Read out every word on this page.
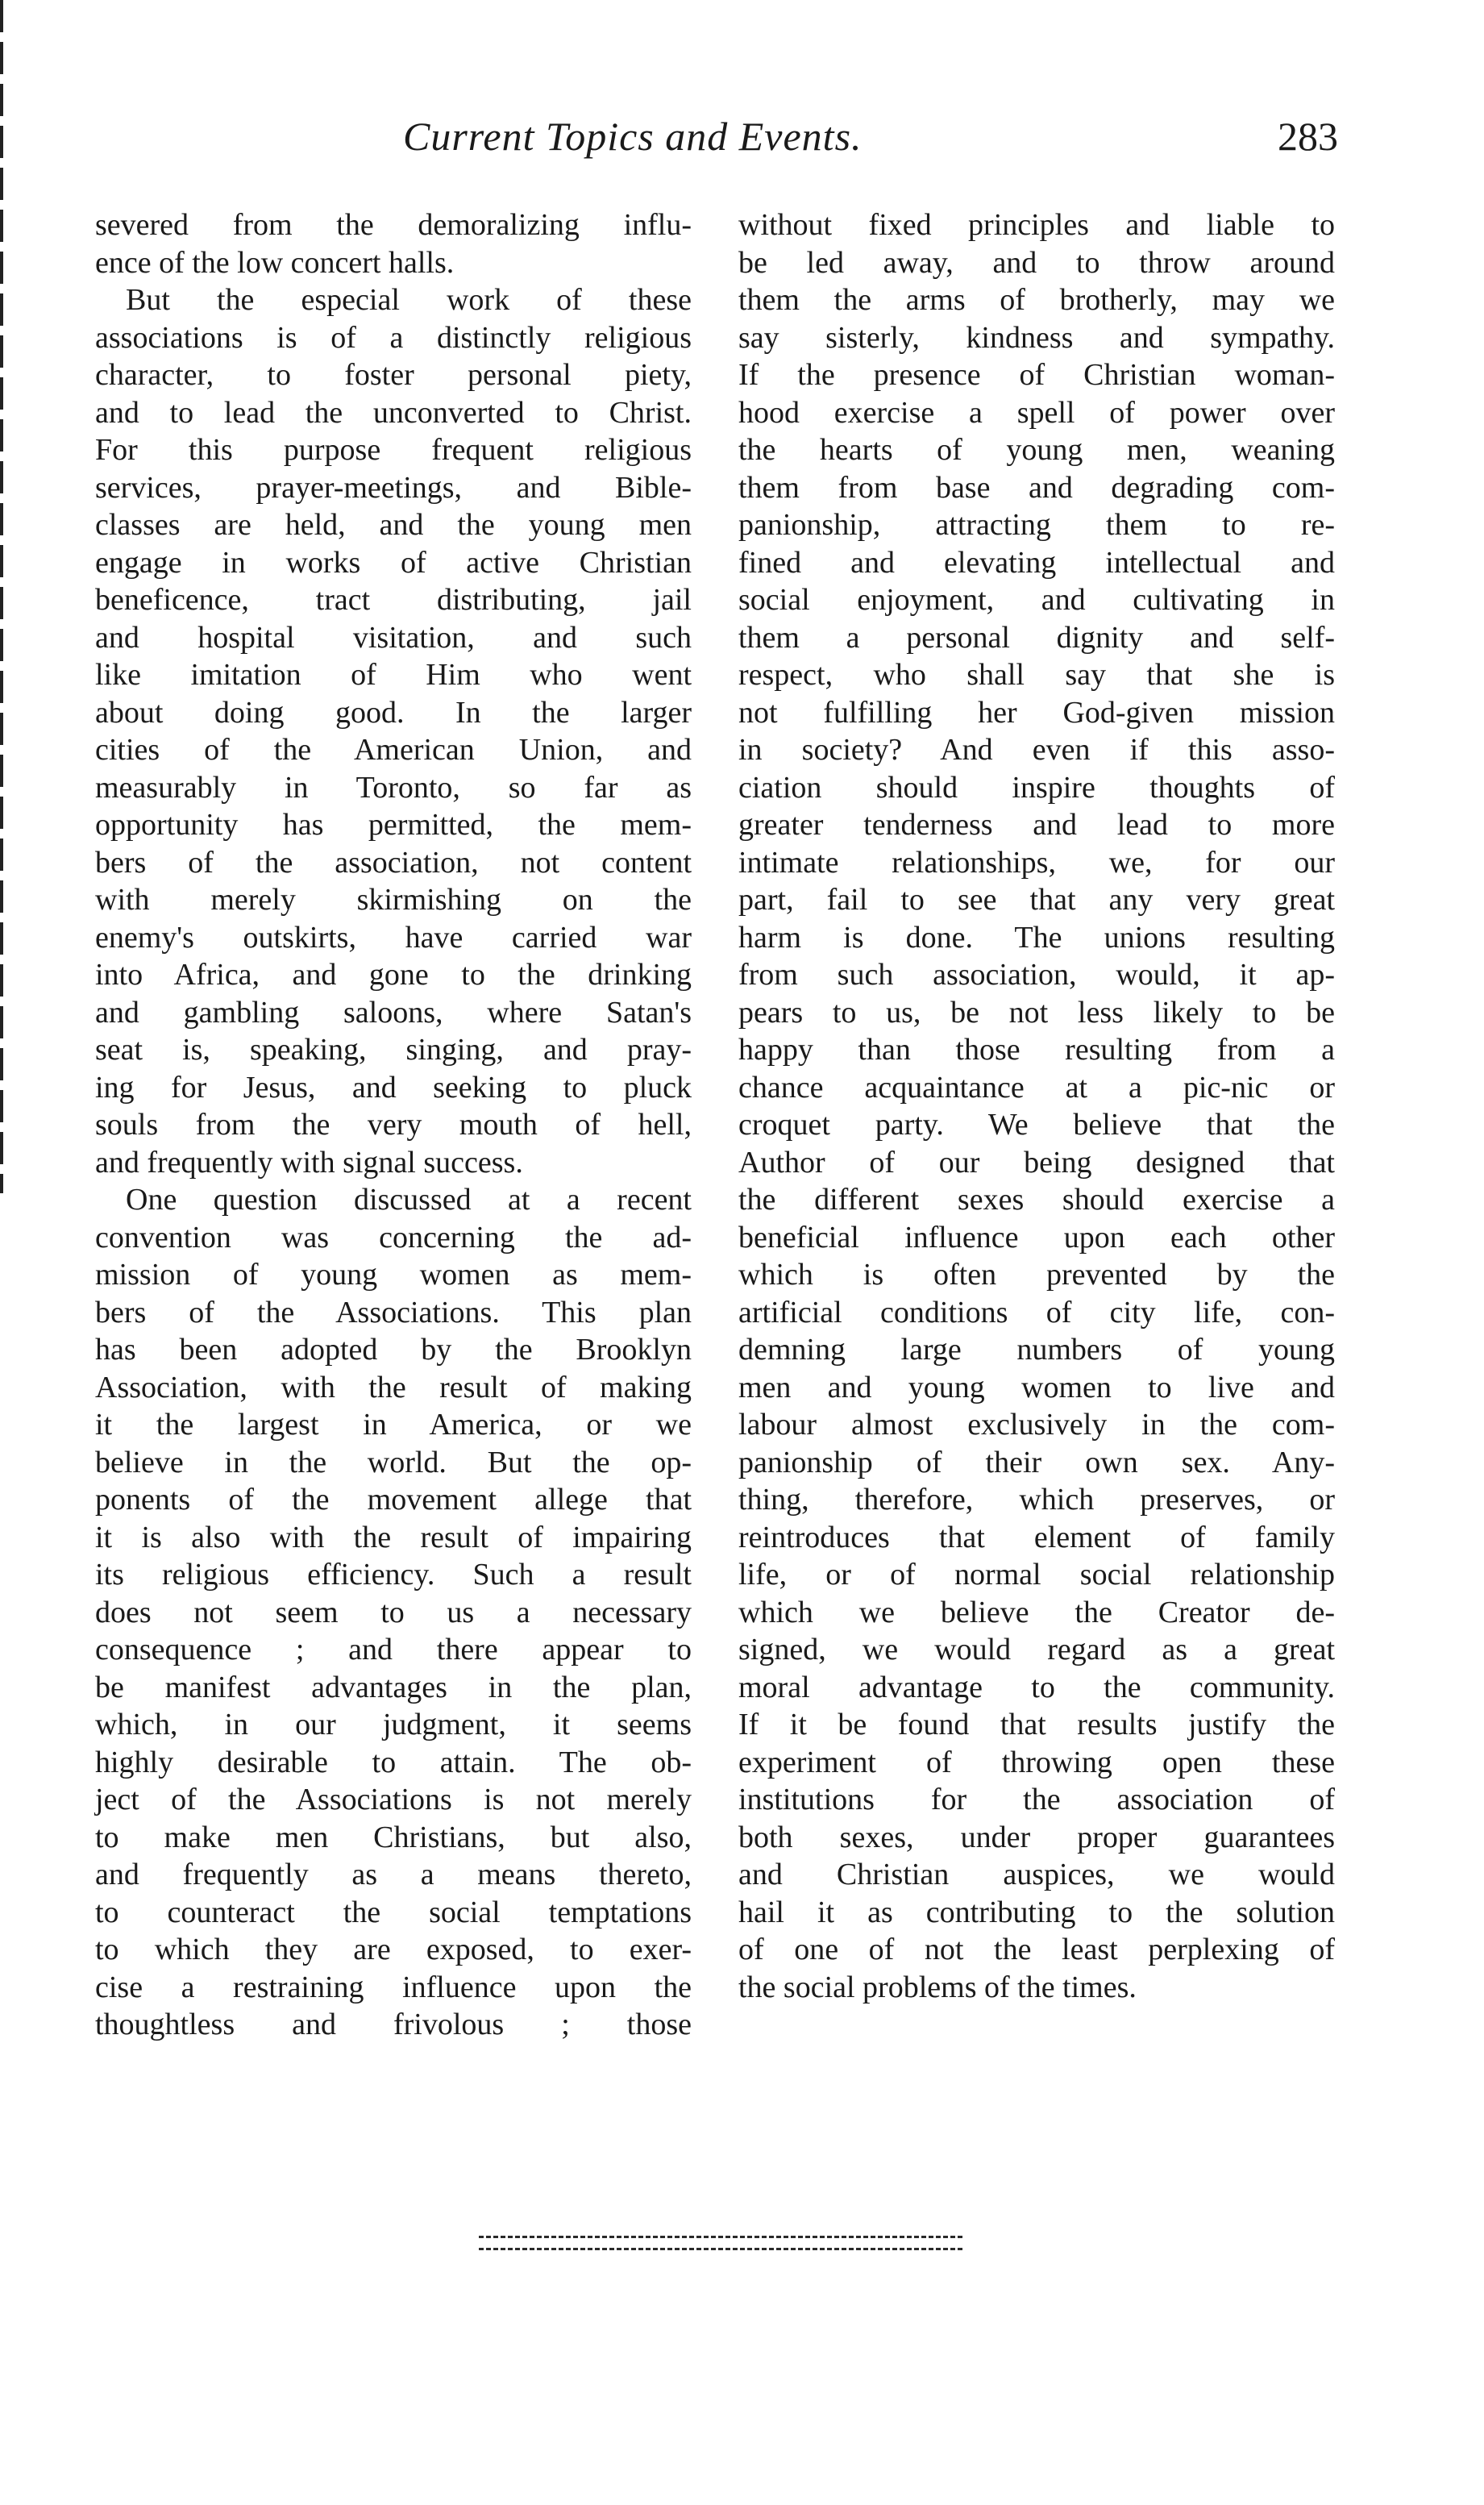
Current Topics and Events.	283
severed from the demoralizing influ-
ence of the low concert halls.
But the especial work of these
associations is of a distinctly religious
character, to foster personal piety,
and to lead the unconverted to Christ.
For this purpose frequent religious
services, prayer-meetings, and Bible-
classes are held, and the young men
engage in works of active Christian
beneficence, tract distributing, jail
and hospital visitation, and such
like imitation of Him who went
about doing good. In the larger
cities of the American Union, and
measurably in Toronto, so far as
opportunity has permitted, the mem-
bers of the association, not content
with merely skirmishing on the
enemy's outskirts, have carried war
into Africa, and gone to the drinking
and gambling saloons, where Satan's
seat is, speaking, singing, and pray-
ing for Jesus, and seeking to pluck
souls from the very mouth of hell,
and frequently with signal success.
One question discussed at a recent
convention was concerning the ad-
mission of young women as mem-
bers of the Associations. This plan
has been adopted by the Brooklyn
Association, with the result of making
it the largest in America, or we
believe in the world. But the op-
ponents of the movement allege that
it is also with the result of impairing
its religious efficiency. Such a result
does not seem to us a necessary
consequence ; and there appear to
be manifest advantages in the plan,
which, in our judgment, it seems
highly desirable to attain. The ob-
ject of the Associations is not merely
to make men Christians, but also,
and frequently as a means thereto,
to counteract the social temptations
to which they are exposed, to exer-
cise a restraining influence upon the
thoughtless and frivolous ; those
without fixed principles and liable to
be led away, and to throw around
them the arms of brotherly, may we
say sisterly, kindness and sympathy.
If the presence of Christian woman-
hood exercise a spell of power over
the hearts of young men, weaning
them from base and degrading com-
panionship, attracting them to re-
fined and elevating intellectual and
social enjoyment, and cultivating in
them a personal dignity and self-
respect, who shall say that she is
not fulfilling her God-given mission
in society? And even if this asso-
ciation should inspire thoughts of
greater tenderness and lead to more
intimate relationships, we, for our
part, fail to see that any very great
harm is done. The unions resulting
from such association, would, it ap-
pears to us, be not less likely to be
happy than those resulting from a
chance acquaintance at a pic-nic or
croquet party. We believe that the
Author of our being designed that
the different sexes should exercise a
beneficial influence upon each other
which is often prevented by the
artificial conditions of city life, con-
demning large numbers of young
men and young women to live and
labour almost exclusively in the com-
panionship of their own sex. Any-
thing, therefore, which preserves, or
reintroduces that element of family
life, or of normal social relationship
which we believe the Creator de-
signed, we would regard as a great
moral advantage to the community.
If it be found that results justify the
experiment of throwing open these
institutions for the association of
both sexes, under proper guarantees
and Christian auspices, we would
hail it as contributing to the solution
of one of not the least perplexing of
the social problems of the times.
